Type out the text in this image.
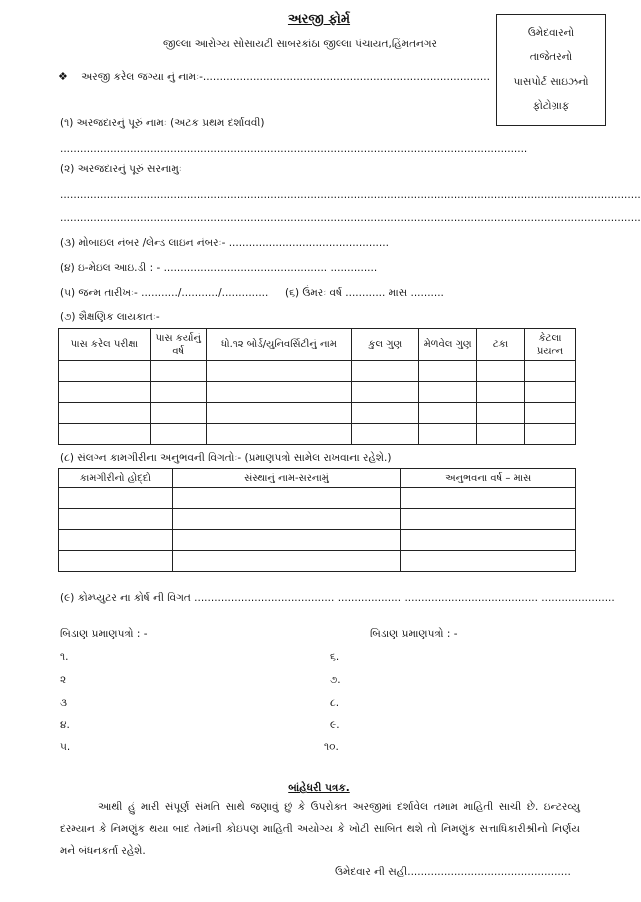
અરજી ફોર્મ
જીલ્લા આરોગ્ય સોસાયટી સાબરકાંઠા જીલ્લા પંચાયત,હિંમતનગર
ઉમેદવારનો
તાજેતરનો
પાસપોર્ટ સાઇઝનો
ફોટોગ્રાફ
❖ અરજી કરેલ જગ્યા નું નામઃ-......................................................................................
(૧) અરજદારનું પૂરું નામઃ (અટક પ્રથમ દર્શાવવી)
............................................................................................................................................
(૨) અરજદારનું પૂરું સરનામુઃ
..............................................................................................................................................................................
..............................................................................................................................................................................
(૩) મોબાઇલ નંબર /લેન્ડ લાઇન નંબરઃ- ................................................
(૪) ઇ-મેઇલ આઇ.ડી : - ................................................. ..............
(૫) જન્મ તારીખઃ- .........../.........../.............. (૬) ઉંમરઃ વર્ષ ............ માસ ..........
(૭) શૈક્ષણિક લાયકાતઃ-
પાસ કરેલ પરીક્ષા	પાસ કર્યાનું વર્ષ	ધો.૧૨ બોર્ડ/યુનિવર્સિટીનું નામ	કુલ ગુણ	મેળવેલ ગુણ	ટકા	કેટલા પ્રયત્ન

(૮) સંલગ્ન કામગીરીના અનુભવની વિગતોઃ- (પ્રમાણપત્રો સામેલ રાખવાના રહેશે.)
કામગીરીનો હોદ્દો	સંસ્થાનું નામ-સરનામું	અનુભવના વર્ષ – માસ

(૯) કોમ્પ્યુટર ના કોર્ષ ની વિગત .......................................... ................... ........................................ ......................
બિડાણ પ્રમાણપત્રો : -	બિડાણ પ્રમાણપત્રો : -
૧.
૨
૩
૪.
૫.
૬.
૭.
૮.
૯.
૧૦.
બાંહેધરી પત્રક.
આથી હું મારી સંપૂર્ણ સંમતિ સાથે જણાવું છું કે ઉપરોક્ત અરજીમાં દર્શાવેલ તમામ માહિતી સાચી છે. ઇન્ટરવ્યુ દરમ્યાન કે નિમણુંક થયા બાદ તેમાંની કોઇપણ માહિતી અયોગ્ય કે ખોટી સાબિત થશે તો નિમણુંક સત્તાધિકારીશ્રીનો નિર્ણય મને બંધનકર્તા રહેશે.
ઉમેદવાર ની સહી.................................................
